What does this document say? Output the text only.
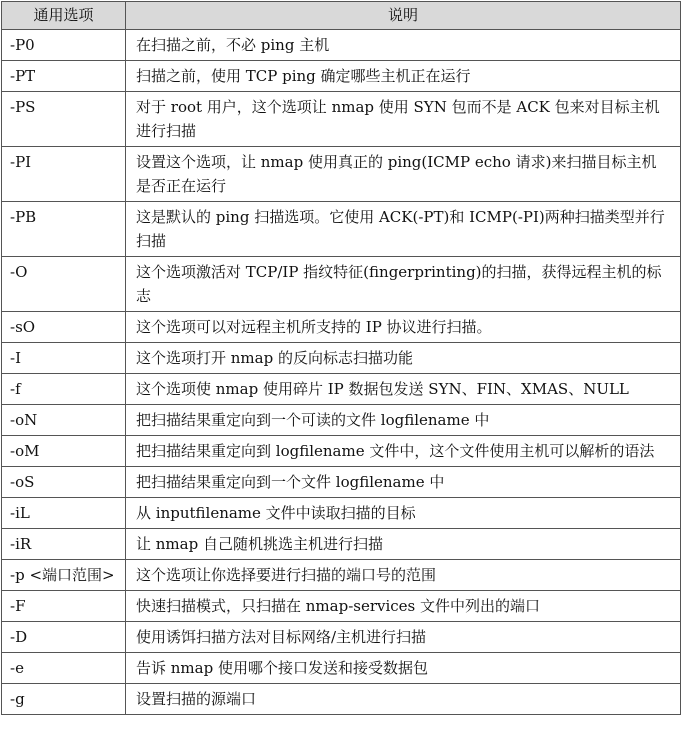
通用选项	说明
-P0	在扫描之前，不必 ping 主机
-PT	扫描之前，使用 TCP ping 确定哪些主机正在运行
-PS	对于 root 用户，这个选项让 nmap 使用 SYN 包而不是 ACK 包来对目标主机进行扫描
-PI	设置这个选项，让 nmap 使用真正的 ping(ICMP echo 请求)来扫描目标主机是否正在运行
-PB	这是默认的 ping 扫描选项。它使用 ACK(-PT)和 ICMP(-PI)两种扫描类型并行扫描
-O	这个选项激活对 TCP/IP 指纹特征(fingerprinting)的扫描，获得远程主机的标志
-sO	这个选项可以对远程主机所支持的 IP 协议进行扫描。
-I	这个选项打开 nmap 的反向标志扫描功能
-f	这个选项使 nmap 使用碎片 IP 数据包发送 SYN、FIN、XMAS、NULL
-oN	把扫描结果重定向到一个可读的文件 logfilename 中
-oM	把扫描结果重定向到 logfilename 文件中，这个文件使用主机可以解析的语法
-oS	把扫描结果重定向到一个文件 logfilename 中
-iL	从 inputfilename 文件中读取扫描的目标
-iR	让 nmap 自己随机挑选主机进行扫描
-p <端口范围>	这个选项让你选择要进行扫描的端口号的范围
-F	快速扫描模式，只扫描在 nmap-services 文件中列出的端口
-D	使用诱饵扫描方法对目标网络/主机进行扫描
-e	告诉 nmap 使用哪个接口发送和接受数据包
-g	设置扫描的源端口
